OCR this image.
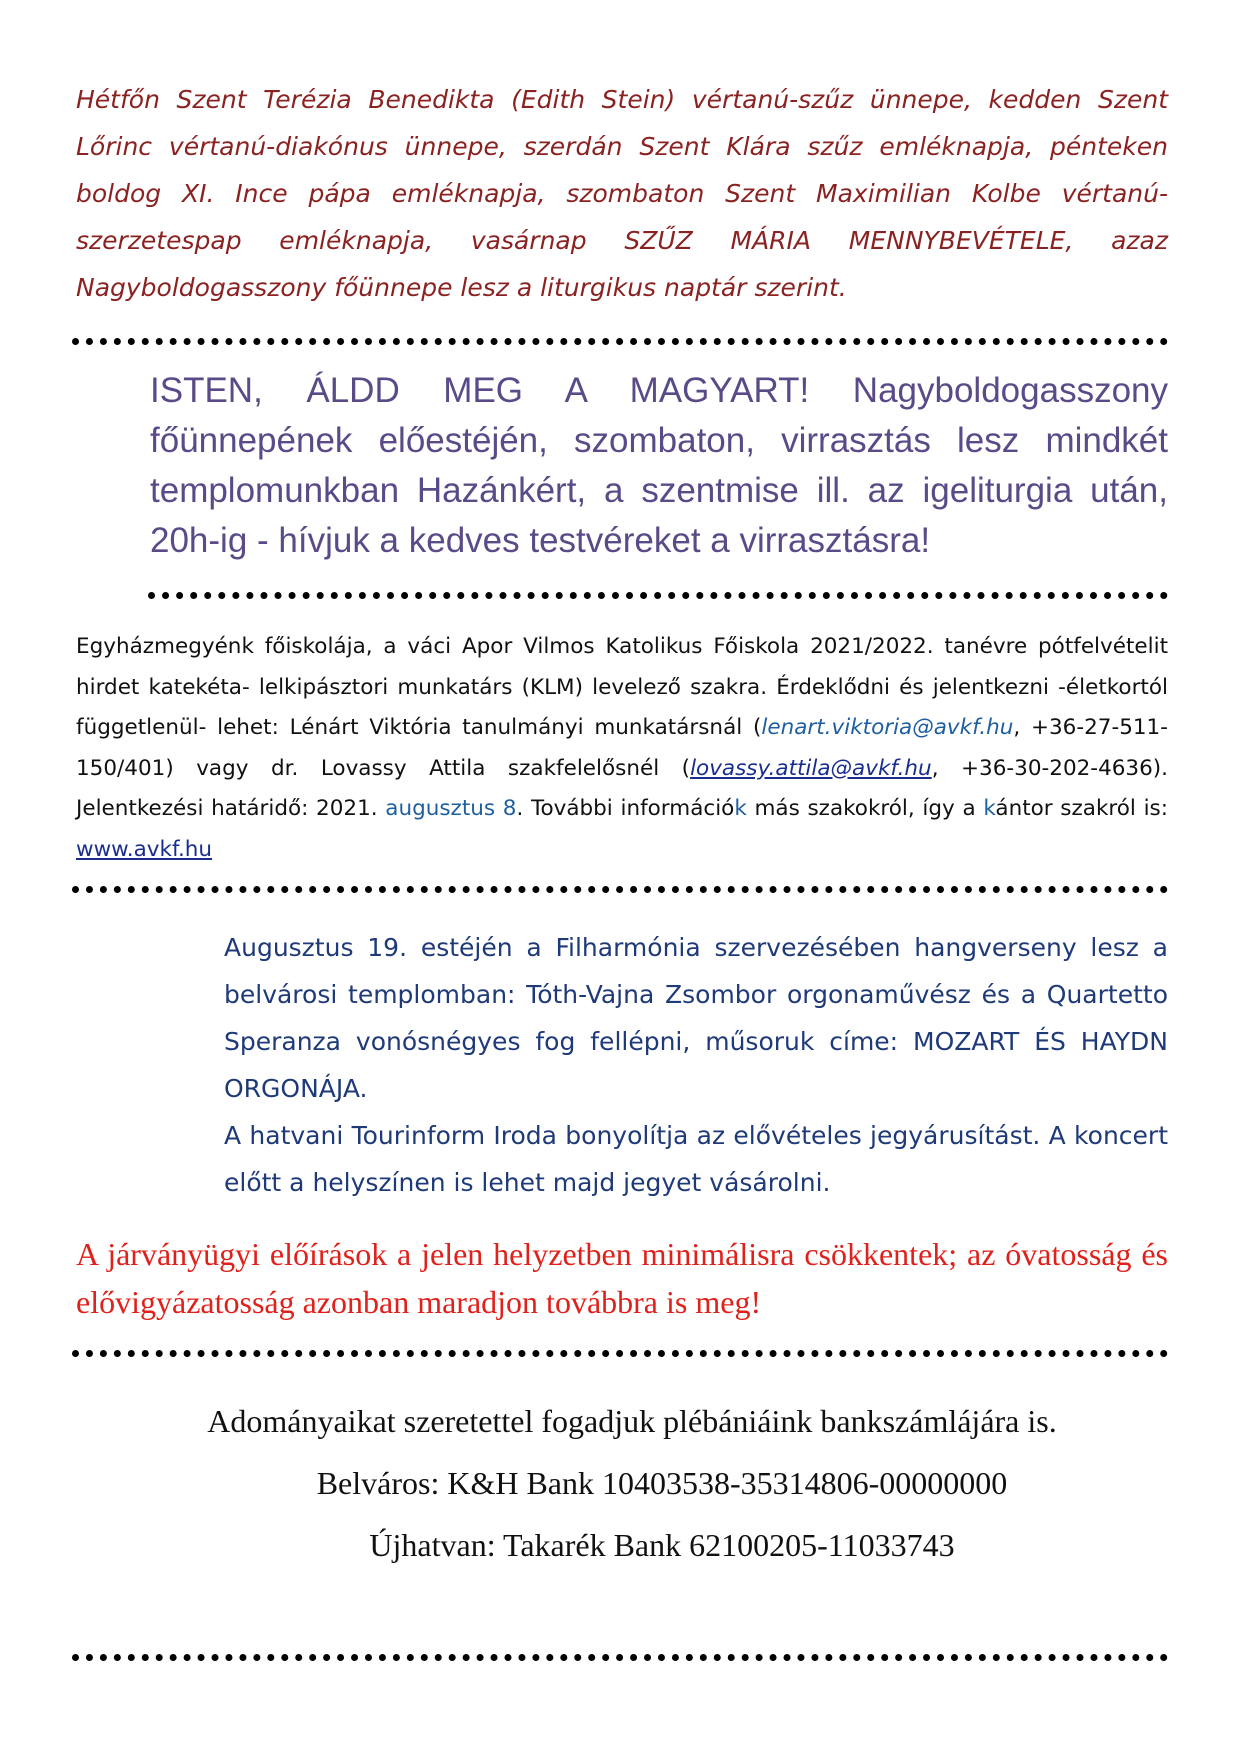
Hétfőn Szent Terézia Benedikta (Edith Stein) vértanú-szűz ünnepe, kedden Szent Lőrinc vértanú-diakónus ünnepe, szerdán Szent Klára szűz emléknapja, pénteken boldog XI. Ince pápa emléknapja, szombaton Szent Maximilian Kolbe vértanú-szerzetespap emléknapja, vasárnap SZŰZ MÁRIA MENNYBEVÉTELE, azaz Nagyboldogasszony főünnepe lesz a liturgikus naptár szerint.

ISTEN, ÁLDD MEG A MAGYART! Nagyboldogasszony főünnepének előestéjén, szombaton, virrasztás lesz mindkét templomunkban Hazánkért, a szentmise ill. az igeliturgia után, 20h-ig - hívjuk a kedves testvéreket a virrasztásra!

Egyházmegyénk főiskolája, a váci Apor Vilmos Katolikus Főiskola 2021/2022. tanévre pótfelvételit hirdet katekéta- lelkipásztori munkatárs (KLM) levelező szakra. Érdeklődni és jelentkezni -életkortól függetlenül- lehet: Lénárt Viktória tanulmányi munkatársnál (lenart.viktoria@avkf.hu, +36-27-511-150/401) vagy dr. Lovassy Attila szakfelelősnél (lovassy.attila@avkf.hu, +36-30-202-4636). Jelentkezési határidő: 2021. augusztus 8. További információk más szakokról, így a kántor szakról is: www.avkf.hu

Augusztus 19. estéjén a Filharmónia szervezésében hangverseny lesz a belvárosi templomban: Tóth-Vajna Zsombor orgonaművész és a Quartetto Speranza vonósnégyes fog fellépni, műsoruk címe: MOZART ÉS HAYDN ORGONÁJA.
A hatvani Tourinform Iroda bonyolítja az elővételes jegyárusítást. A koncert előtt a helyszínen is lehet majd jegyet vásárolni.

A járványügyi előírások a jelen helyzetben minimálisra csökkentek; az óvatosság és elővigyázatosság azonban maradjon továbbra is meg!

Adományaikat szeretettel fogadjuk plébániáink bankszámlájára is.
Belváros: K&H Bank 10403538-35314806-00000000
Újhatvan: Takarék Bank 62100205-11033743
